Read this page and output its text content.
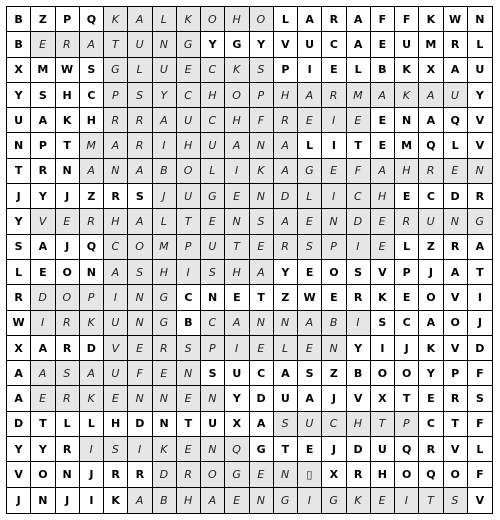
B	Z	P	Q	K	A	L	K	O	H	O	L	A	R	A	F	F	K	W	N
B	E	R	A	T	U	N	G	Y	G	Y	V	U	C	A	E	U	M	R	L
X	M	W	S	G	L	U	E	C	K	S	P	I	E	L	B	K	X	A	U
Y	S	H	C	P	S	Y	C	H	O	P	H	A	R	M	A	K	A	U	Y
U	A	K	H	R	R	A	U	C	H	F	R	E	I	E	E	N	A	Q	V
N	P	T	M	A	R	I	H	U	A	N	A	L	I	T	E	M	Q	L	V
T	R	N	A	N	A	B	O	L	I	K	A	G	E	F	A	H	R	E	N
J	Y	J	Z	R	S	J	U	G	E	N	D	L	I	C	H	E	C	D	R
Y	V	E	R	H	A	L	T	E	N	S	A	E	N	D	E	R	U	N	G
S	A	J	Q	C	O	M	P	U	T	E	R	S	P	I	E	L	Z	R	A
L	E	O	N	A	S	H	I	S	H	A	Y	E	O	S	V	P	J	A	T
R	D	O	P	I	N	G	C	N	E	T	Z	W	E	R	K	E	O	V	I
W	I	R	K	U	N	G	B	C	A	N	N	A	B	I	S	C	A	O	J
X	A	R	D	V	E	R	S	P	I	E	L	E	N	Y	I	J	K	V	D
A	A	S	A	U	F	E	N	S	U	C	A	S	Z	B	O	O	Y	P	F
A	E	R	K	E	N	N	E	N	Y	D	U	A	J	V	X	T	E	R	S
D	T	L	L	H	D	N	T	U	X	A	S	U	C	H	T	P	C	T	F
Y	Y	R	I	S	I	K	E	N	Q	G	T	E	J	D	U	Q	R	V	L
V	O	N	J	R	R	D	R	O	G	E	N	▯	X	R	H	O	Q	O	F
J	N	J	I	K	A	B	H	A	E	N	G	I	G	K	E	I	T	S	V
